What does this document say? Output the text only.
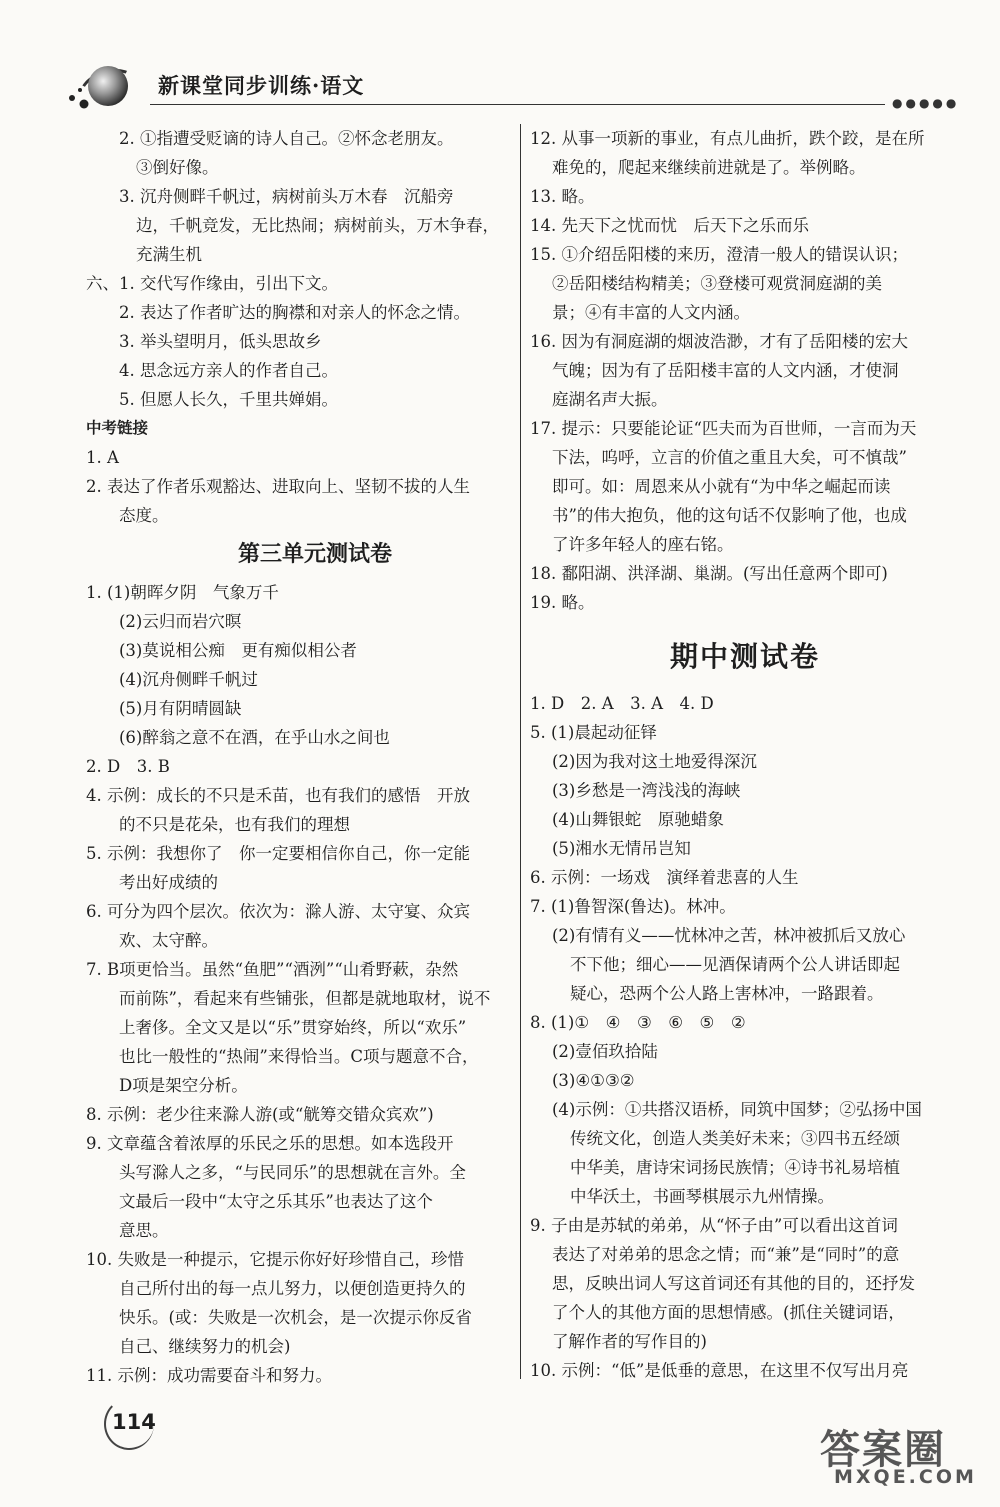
新课堂同步训练·语文
●●●●●
2. ①指遭受贬谪的诗人自己。②怀念老朋友。
③倒好像。
3. 沉舟侧畔千帆过，病树前头万木春　沉船旁
边，千帆竞发，无比热闹；病树前头，万木争春，
充满生机
六、1. 交代写作缘由，引出下文。
2. 表达了作者旷达的胸襟和对亲人的怀念之情。
3. 举头望明月，低头思故乡
4. 思念远方亲人的作者自己。
5. 但愿人长久，千里共婵娟。
中考链接
1. A
2. 表达了作者乐观豁达、进取向上、坚韧不拔的人生
态度。
第三单元测试卷
1. (1)朝晖夕阴　气象万千
(2)云归而岩穴暝
(3)莫说相公痴　更有痴似相公者
(4)沉舟侧畔千帆过
(5)月有阴晴圆缺
(6)醉翁之意不在酒，在乎山水之间也
2. D　3. B
4. 示例：成长的不只是禾苗，也有我们的感悟　开放
的不只是花朵，也有我们的理想
5. 示例：我想你了　你一定要相信你自己，你一定能
考出好成绩的
6. 可分为四个层次。依次为：滁人游、太守宴、众宾
欢、太守醉。
7. B项更恰当。虽然“鱼肥”“酒洌”“山肴野蔌，杂然
而前陈”，看起来有些铺张，但都是就地取材，说不
上奢侈。全文又是以“乐”贯穿始终，所以“欢乐”
也比一般性的“热闹”来得恰当。C项与题意不合，
D项是架空分析。
8. 示例：老少往来滁人游(或“觥筹交错众宾欢”)
9. 文章蕴含着浓厚的乐民之乐的思想。如本选段开
头写滁人之多，“与民同乐”的思想就在言外。全
文最后一段中“太守之乐其乐”也表达了这个
意思。
10. 失败是一种提示，它提示你好好珍惜自己，珍惜
自己所付出的每一点儿努力，以便创造更持久的
快乐。(或：失败是一次机会，是一次提示你反省
自己、继续努力的机会)
11. 示例：成功需要奋斗和努力。
12. 从事一项新的事业，有点儿曲折，跌个跤，是在所
难免的，爬起来继续前进就是了。举例略。
13. 略。
14. 先天下之忧而忧　后天下之乐而乐
15. ①介绍岳阳楼的来历，澄清一般人的错误认识；
②岳阳楼结构精美；③登楼可观赏洞庭湖的美
景；④有丰富的人文内涵。
16. 因为有洞庭湖的烟波浩渺，才有了岳阳楼的宏大
气魄；因为有了岳阳楼丰富的人文内涵，才使洞
庭湖名声大振。
17. 提示：只要能论证“匹夫而为百世师，一言而为天
下法，呜呼，立言的价值之重且大矣，可不慎哉”
即可。如：周恩来从小就有“为中华之崛起而读
书”的伟大抱负，他的这句话不仅影响了他，也成
了许多年轻人的座右铭。
18. 鄱阳湖、洪泽湖、巢湖。(写出任意两个即可)
19. 略。
期中测试卷
1. D　2. A　3. A　4. D
5. (1)晨起动征铎
(2)因为我对这土地爱得深沉
(3)乡愁是一湾浅浅的海峡
(4)山舞银蛇　原驰蜡象
(5)湘水无情吊岂知
6. 示例：一场戏　演绎着悲喜的人生
7. (1)鲁智深(鲁达)。林冲。
(2)有情有义——忧林冲之苦，林冲被抓后又放心
不下他；细心——见酒保请两个公人讲话即起
疑心，恐两个公人路上害林冲，一路跟着。
8. (1)①　④　③　⑥　⑤　②
(2)壹佰玖拾陆
(3)④①③②
(4)示例：①共搭汉语桥，同筑中国梦；②弘扬中国
传统文化，创造人类美好未来；③四书五经颂
中华美，唐诗宋词扬民族情；④诗书礼易培植
中华沃土，书画琴棋展示九州情操。
9. 子由是苏轼的弟弟，从“怀子由”可以看出这首词
表达了对弟弟的思念之情；而“兼”是“同时”的意
思，反映出词人写这首词还有其他的目的，还抒发
了个人的其他方面的思想情感。(抓住关键词语，
了解作者的写作目的)
10. 示例：“低”是低垂的意思，在这里不仅写出月亮
114
答案圈
MXQE.COM
